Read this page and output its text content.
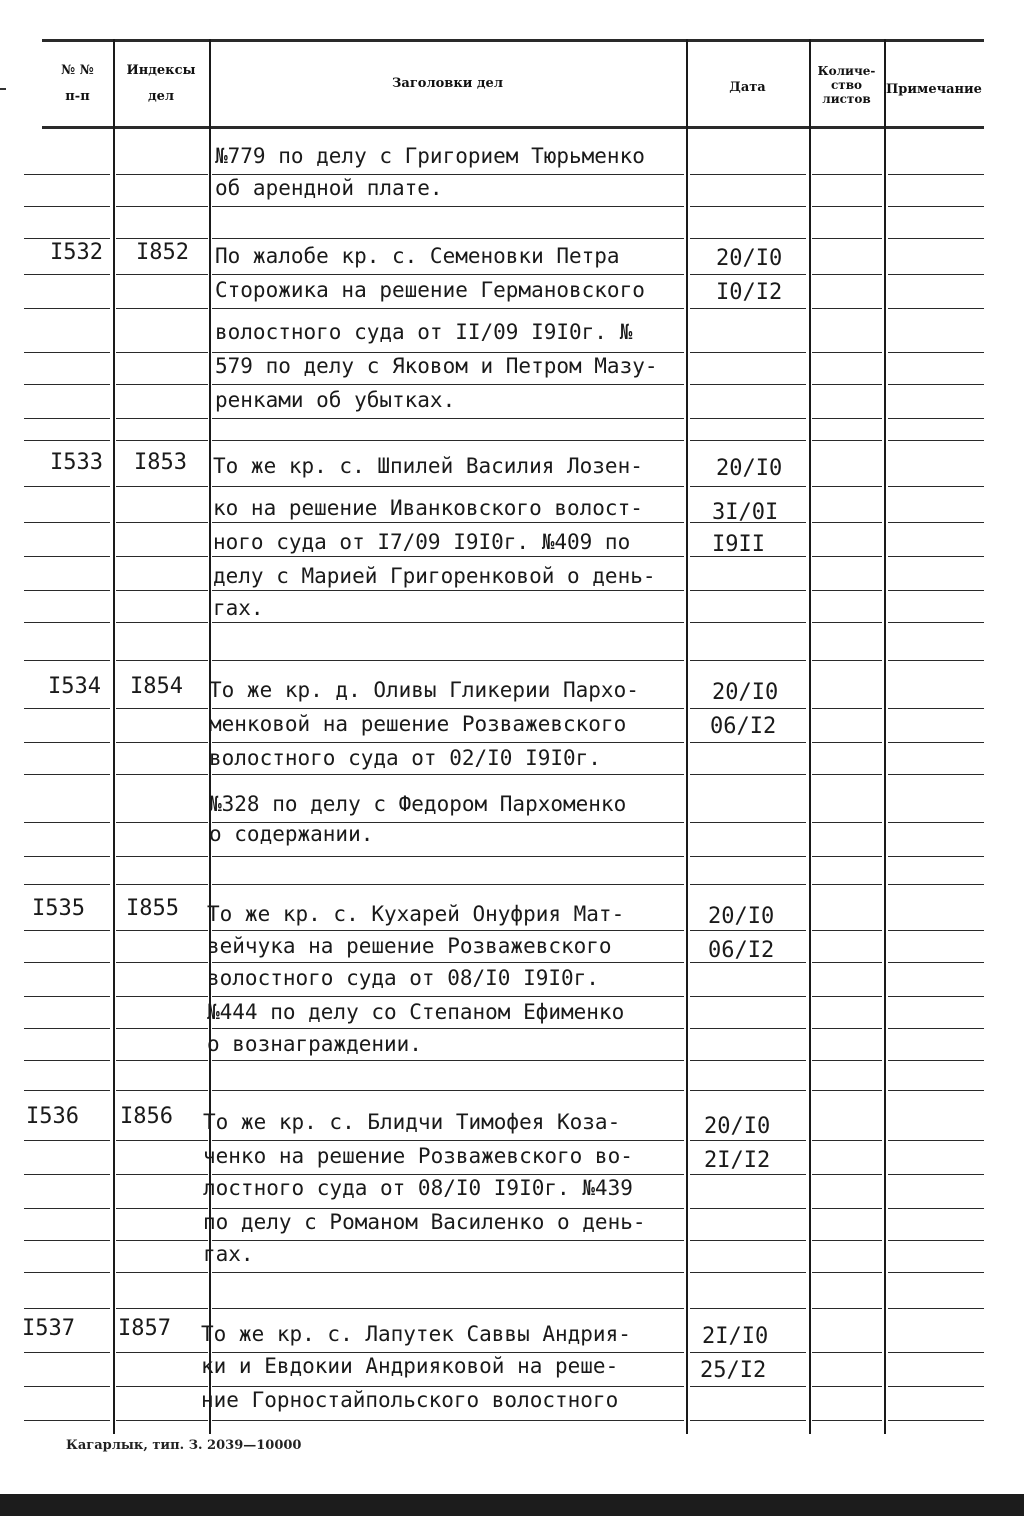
№ №
п-п
Индексы
дел
Заголовки дел	Дата
Количе-
ство
листов
Примечание
№779 по делу с Григорием Тюрьменко
об арендной плате.
I532 I852 По жалобе кр. с. Семеновки Петра
Сторожика на решение Германовского
волостного суда от II/09 I9I0г. №
579 по делу с Яковом и Петром Мазу-
ренками об убытках.
20/I0
I0/I2
I533 I853 То же кр. с. Шпилей Василия Лозен-
ко на решение Иванковского волост-
ного суда от I7/09 I9I0г. №409 по
делу с Марией Григоренковой о день-
гах.
20/I0
3I/0I
I9II
I534 I854 То же кр. д. Оливы Гликерии Пархо-
менковой на решение Розважевского
волостного суда от 02/I0 I9I0г.
№328 по делу с Федором Пархоменко
о содержании.
20/I0
06/I2
I535 I855 То же кр. с. Кухарей Онуфрия Мат-
вейчука на решение Розважевского
волостного суда от 08/I0 I9I0г.
№444 по делу со Степаном Ефименко
о вознаграждении.
20/I0
06/I2
I536 I856 То же кр. с. Блидчи Тимофея Коза-
ченко на решение Розважевского во-
лостного суда от 08/I0 I9I0г. №439
по делу с Романом Василенко о день-
гах.
20/I0
2I/I2
I537 I857 То же кр. с. Лапутек Саввы Андрия-
ки и Евдокии Андрияковой на реше-
ние Горностайпольского волостного
2I/I0
25/I2
Кагарлык, тип. З. 2039—10000
